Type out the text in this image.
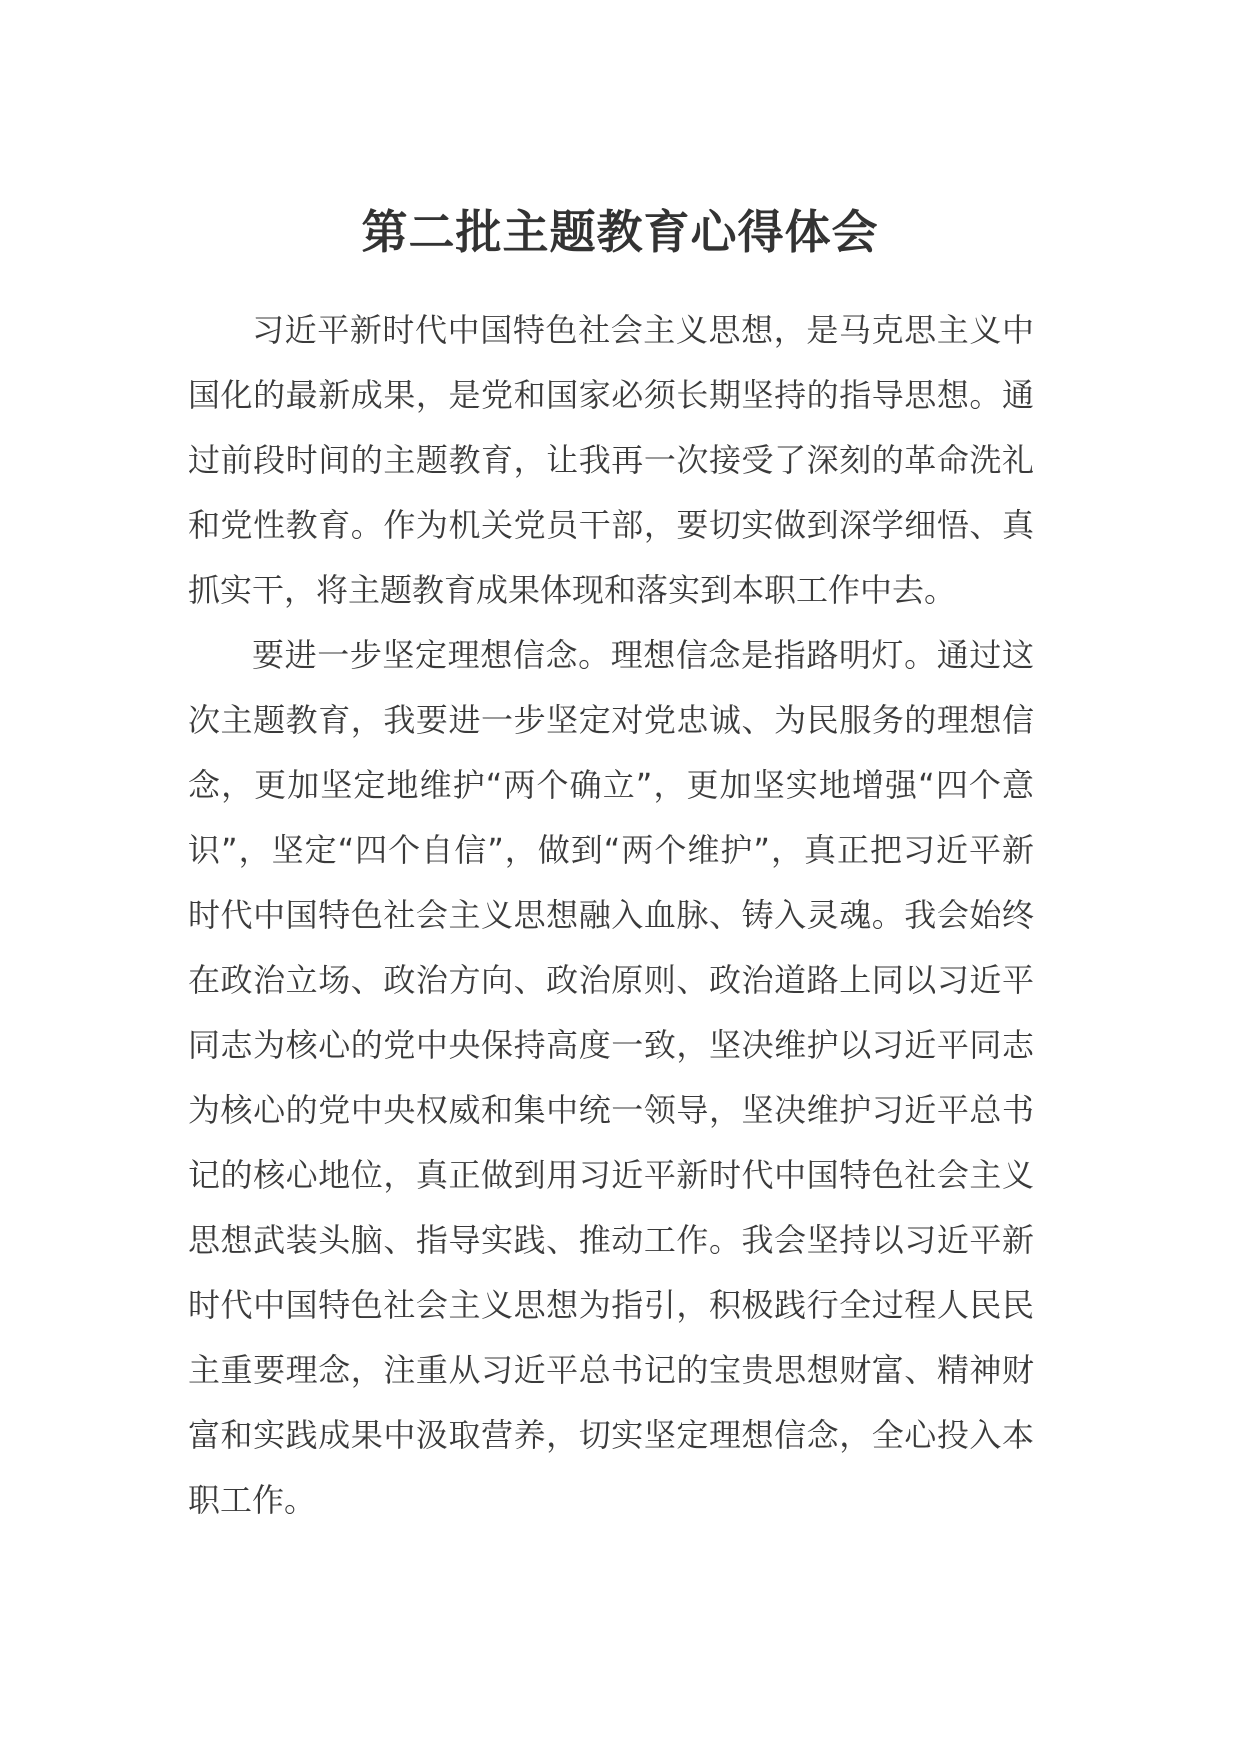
第二批主题教育心得体会

习近平新时代中国特色社会主义思想，是马克思主义中国化的最新成果，是党和国家必须长期坚持的指导思想。通过前段时间的主题教育，让我再一次接受了深刻的革命洗礼和党性教育。作为机关党员干部，要切实做到深学细悟、真抓实干，将主题教育成果体现和落实到本职工作中去。

要进一步坚定理想信念。理想信念是指路明灯。通过这次主题教育，我要进一步坚定对党忠诚、为民服务的理想信念，更加坚定地维护“两个确立”，更加坚实地增强“四个意识”，坚定“四个自信”，做到“两个维护”，真正把习近平新时代中国特色社会主义思想融入血脉、铸入灵魂。我会始终在政治立场、政治方向、政治原则、政治道路上同以习近平同志为核心的党中央保持高度一致，坚决维护以习近平同志为核心的党中央权威和集中统一领导，坚决维护习近平总书记的核心地位，真正做到用习近平新时代中国特色社会主义思想武装头脑、指导实践、推动工作。我会坚持以习近平新时代中国特色社会主义思想为指引，积极践行全过程人民民主重要理念，注重从习近平总书记的宝贵思想财富、精神财富和实践成果中汲取营养，切实坚定理想信念，全心投入本职工作。
